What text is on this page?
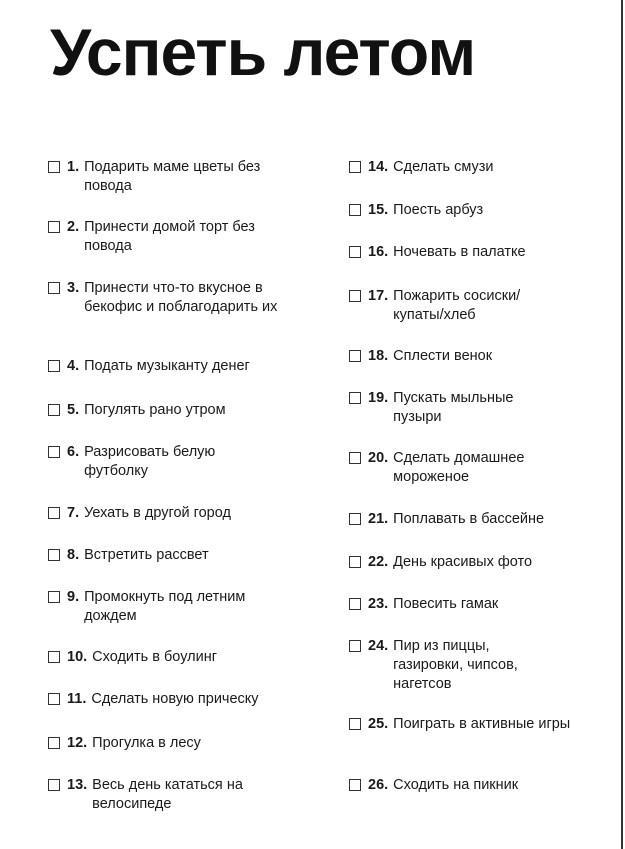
Успеть летом
1. Подарить маме цветы без повода
2. Принести домой торт без повода
3. Принести что-то вкусное в бекофис и поблагодарить их
4. Подать музыканту денег
5. Погулять рано утром
6. Разрисовать белую футболку
7. Уехать в другой город
8. Встретить рассвет
9. Промокнуть под летним дождем
10. Сходить в боулинг
11. Сделать новую прическу
12. Прогулка в лесу
13. Весь день кататься на велосипеде
14. Сделать смузи
15. Поесть арбуз
16. Ночевать в палатке
17. Пожарить сосиски/ купаты/хлеб
18. Сплести венок
19. Пускать мыльные пузыри
20. Сделать домашнее мороженое
21. Поплавать в бассейне
22. День красивых фото
23. Повесить гамак
24. Пир из пиццы, газировки, чипсов, нагетсов
25. Поиграть в активные игры
26. Сходить на пикник
